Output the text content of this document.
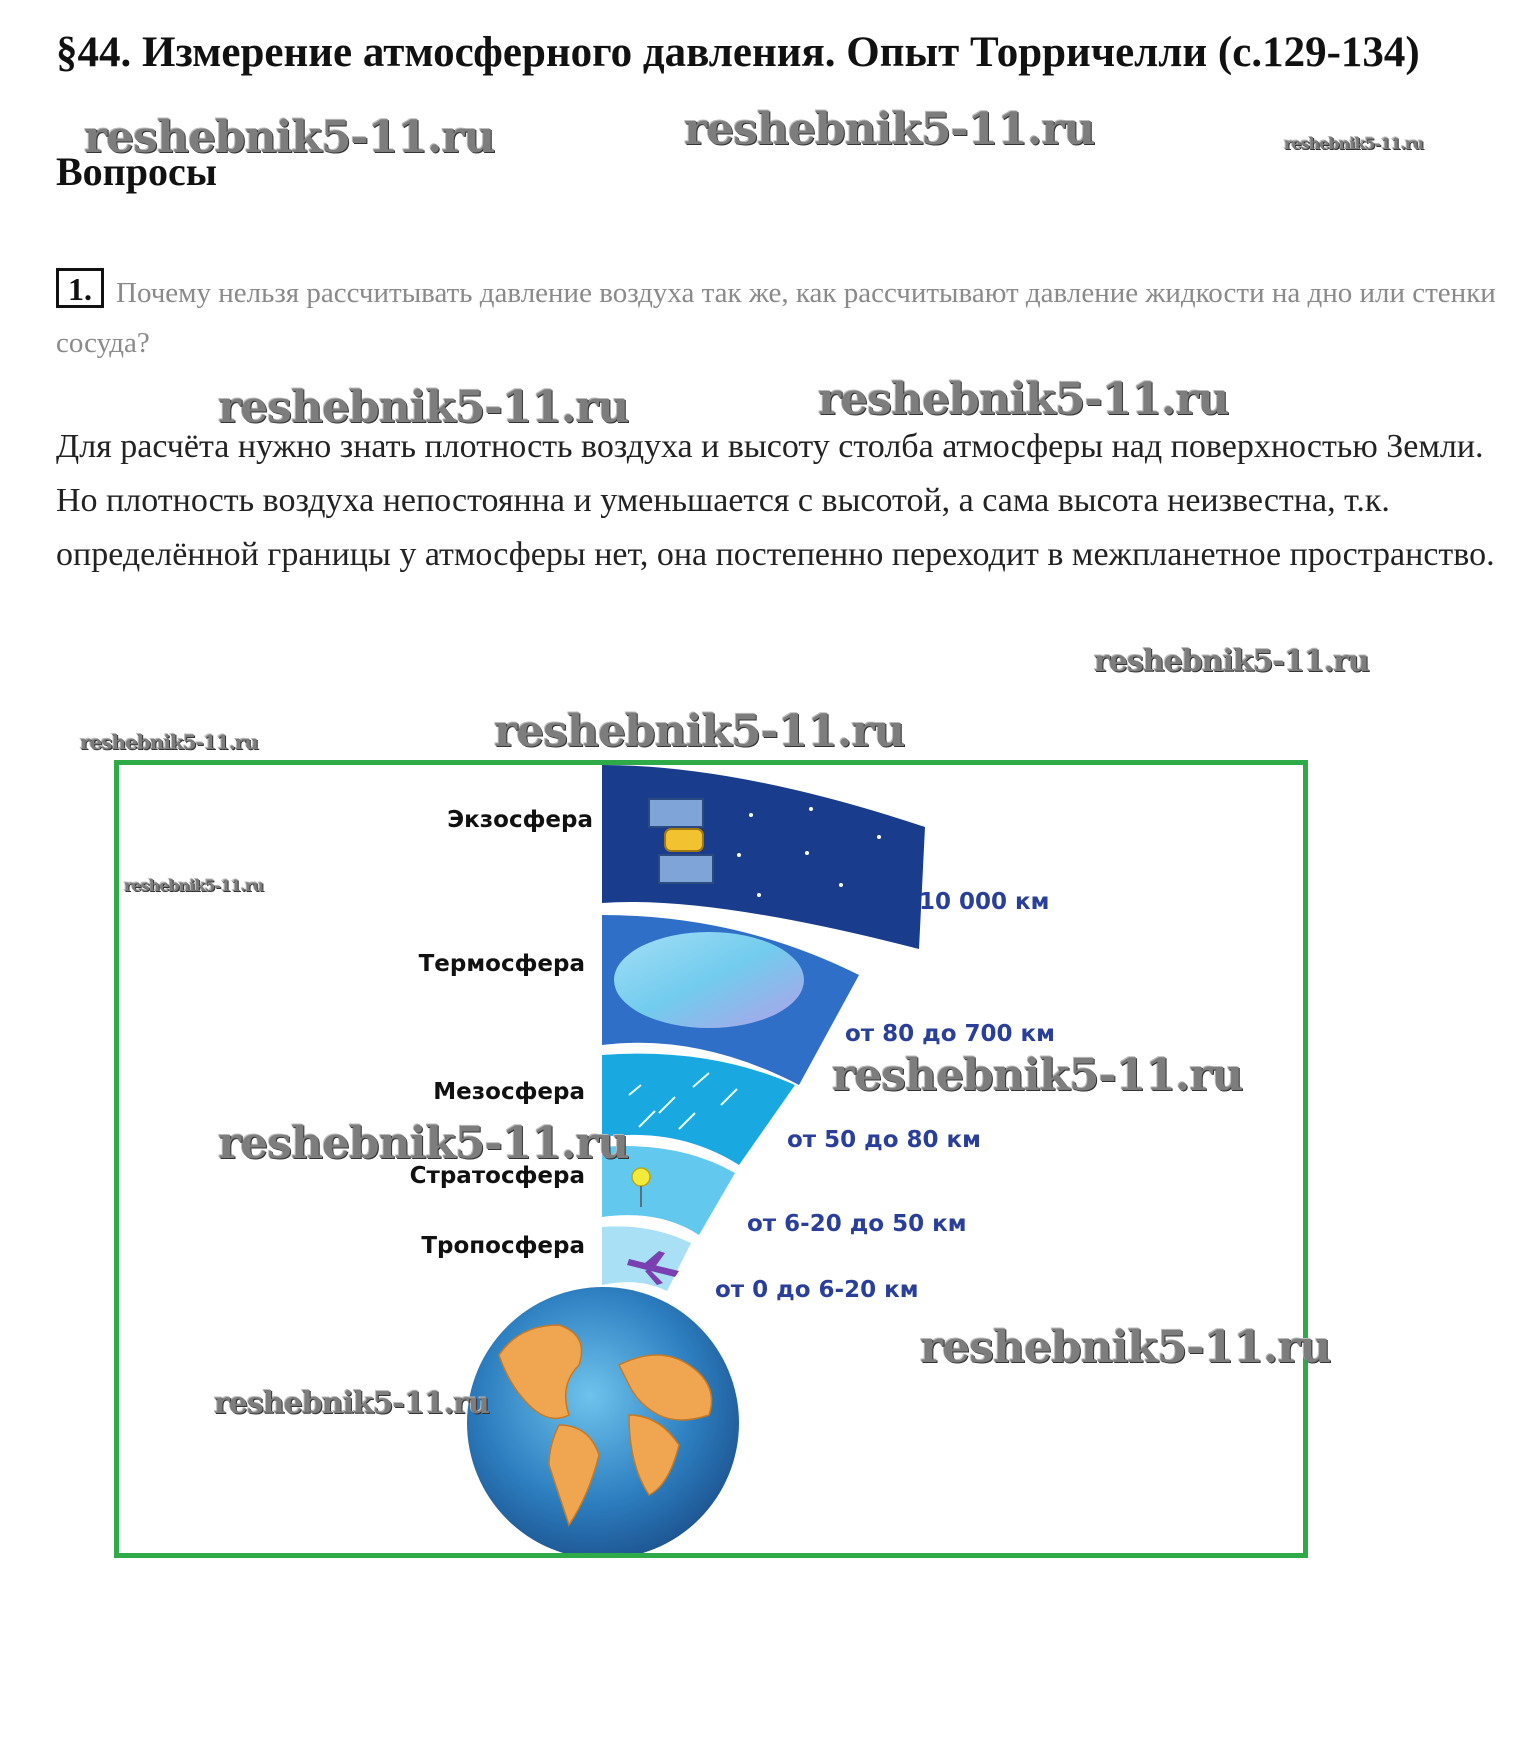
§44. Измерение атмосферного давления. Опыт Торричелли (с.129-134)
Вопросы
1. Почему нельзя рассчитывать давление воздуха так же, как рассчитывают давление жидкости на дно или стенки сосуда?
Для расчёта нужно знать плотность воздуха и высоту столба атмосферы над поверхностью Земли. Но плотность воздуха непостоянна и уменьшается с высотой, а сама высота неизвестна, т.к. определённой границы у атмосферы нет, она постепенно переходит в межпланетное пространство.
reshebnik5-11.ru	reshebnik5-11.ru	reshebnik5-11.ru
reshebnik5-11.ru	reshebnik5-11.ru
reshebnik5-11.ru
reshebnik5-11.ru	reshebnik5-11.ru
Экзосфера
Термосфера
Мезосфера
Стратосфера
Тропосфера
10 000 км
от 80 до 700 км
от 50 до 80 км
от 6-20 до 50 км
от 0 до 6-20 км
reshebnik5-11.ru
reshebnik5-11.ru
reshebnik5-11.ru
reshebnik5-11.ru
reshebnik5-11.ru
